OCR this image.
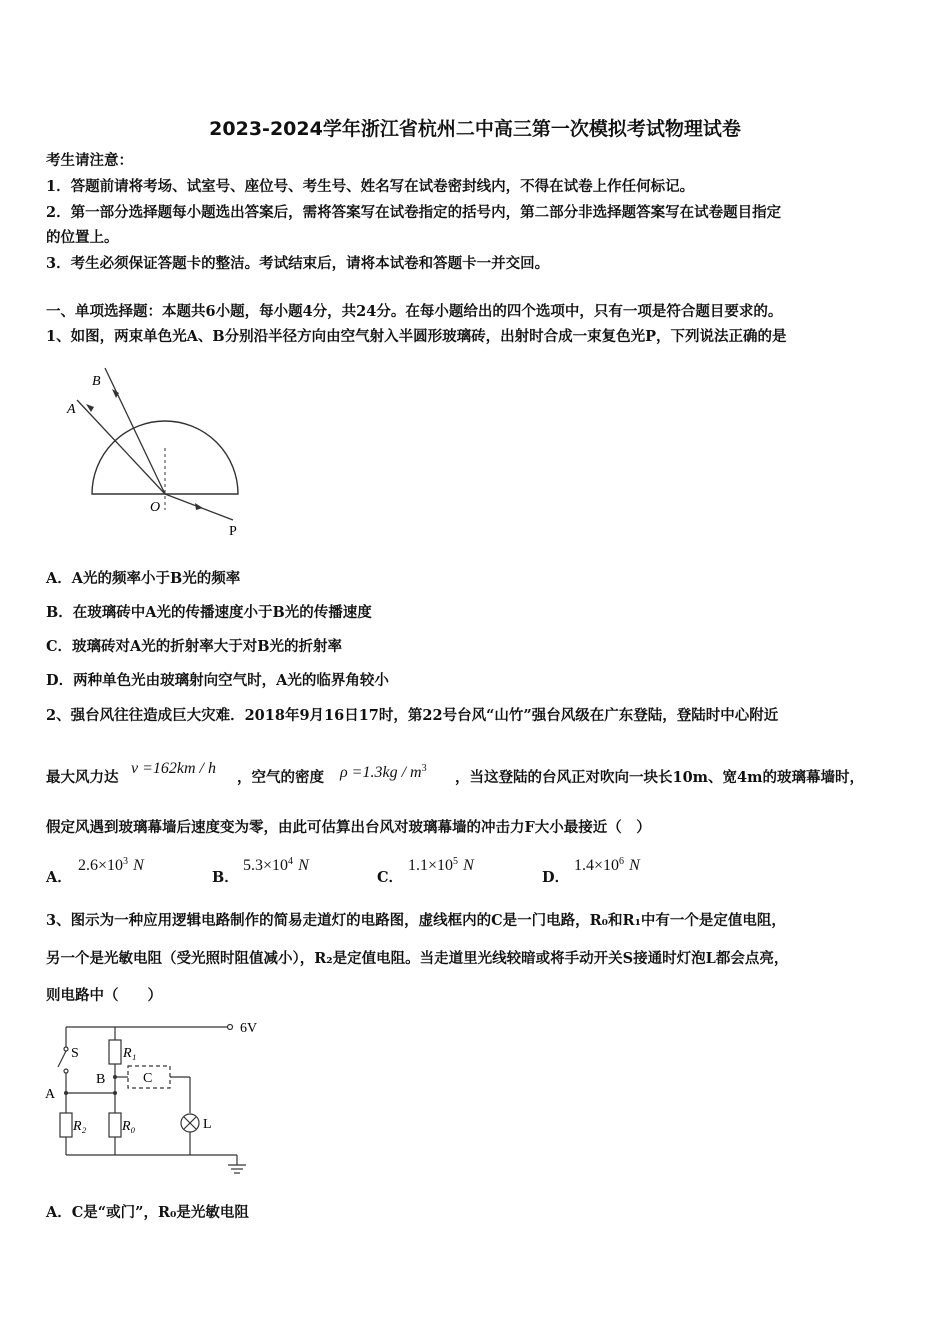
2023-2024学年浙江省杭州二中高三第一次模拟考试物理试卷
考生请注意：
1．答题前请将考场、试室号、座位号、考生号、姓名写在试卷密封线内，不得在试卷上作任何标记。
2．第一部分选择题每小题选出答案后，需将答案写在试卷指定的括号内，第二部分非选择题答案写在试卷题目指定
的位置上。
3．考生必须保证答题卡的整洁。考试结束后，请将本试卷和答题卡一并交回。
一、单项选择题：本题共6小题，每小题4分，共24分。在每小题给出的四个选项中，只有一项是符合题目要求的。
1、如图，两束单色光A、B分别沿半径方向由空气射入半圆形玻璃砖，出射时合成一束复色光P，下列说法正确的是
A
B
O
P
A．A光的频率小于B光的频率
B．在玻璃砖中A光的传播速度小于B光的传播速度
C．玻璃砖对A光的折射率大于对B光的折射率
D．两种单色光由玻璃射向空气时，A光的临界角较小
2、强台风往往造成巨大灾难．2018年9月16日17时，第22号台风“山竹”强台风级在广东登陆，登陆时中心附近
最大风力达
v =162km / h
，空气的密度 $\rho =1.3kg / m^3$
，当这登陆的台风正对吹向一块长10m、宽4m的玻璃幕墙时，
假定风遇到玻璃幕墙后速度变为零，由此可估算出台风对玻璃幕墙的冲击力F大小最接近（　）
A．
$2.6\times 10^3$ N
B．
$5.3\times 10^4$ N
C．
$1.1\times 10^5$ N
D．
$1.4\times 10^6$ N
3、图示为一种应用逻辑电路制作的简易走道灯的电路图，虚线框内的C是一门电路，R₀和R₁中有一个是定值电阻，
另一个是光敏电阻（受光照时阻值减小），R₂是定值电阻。当走道里光线较暗或将手动开关S接通时灯泡L都会点亮，
则电路中（　　）
6V
S	R₁
B	C
A
R₂	R₀	L
A．C是“或门”，R₀是光敏电阻
